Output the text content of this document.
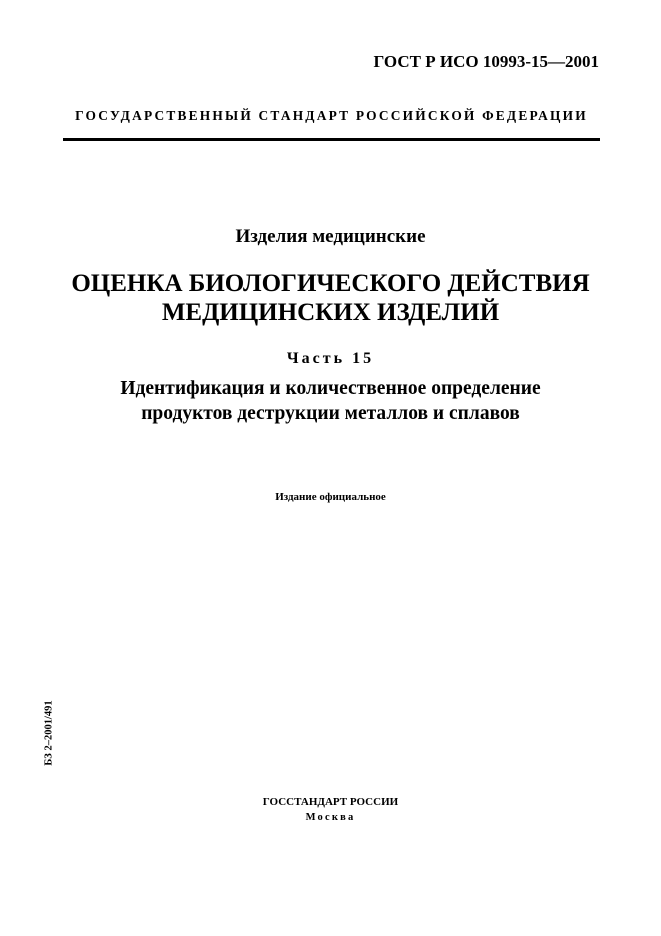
ГОСТ Р ИСО 10993-15—2001
ГОСУДАРСТВЕННЫЙ СТАНДАРТ РОССИЙСКОЙ ФЕДЕРАЦИИ
Изделия медицинские
ОЦЕНКА БИОЛОГИЧЕСКОГО ДЕЙСТВИЯ
МЕДИЦИНСКИХ ИЗДЕЛИЙ
Часть 15
Идентификация и количественное определение
продуктов деструкции металлов и сплавов
Издание официальное
БЗ 2–2001/491
ГОССТАНДАРТ РОССИИ
Москва
